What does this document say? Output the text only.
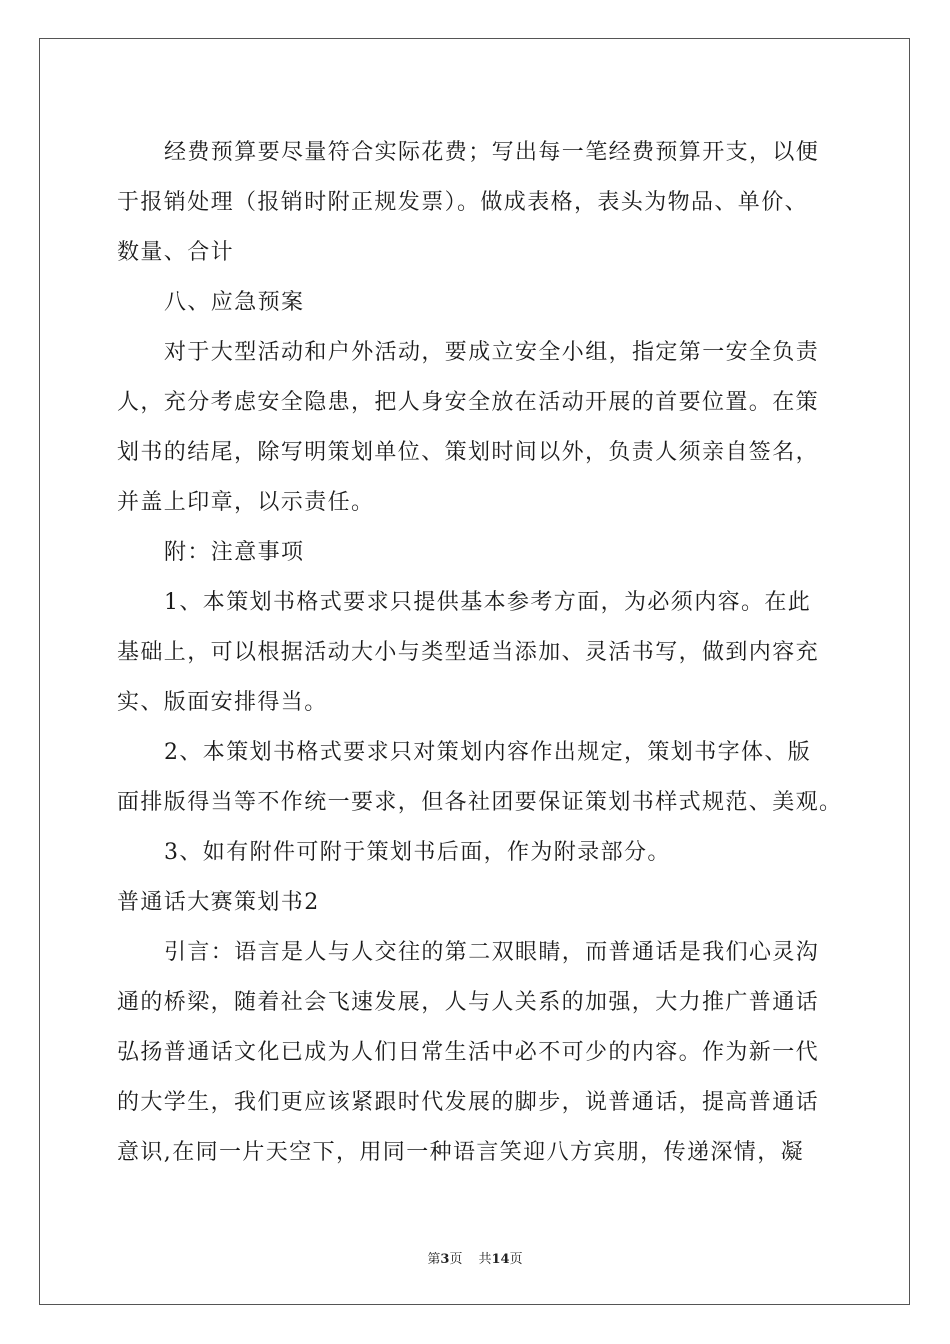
经费预算要尽量符合实际花费；写出每一笔经费预算开支，以便
于报销处理（报销时附正规发票）。做成表格，表头为物品、单价、
数量、合计
八、应急预案
对于大型活动和户外活动，要成立安全小组，指定第一安全负责
人，充分考虑安全隐患，把人身安全放在活动开展的首要位置。在策
划书的结尾，除写明策划单位、策划时间以外，负责人须亲自签名，
并盖上印章，以示责任。
附：注意事项
1、本策划书格式要求只提供基本参考方面，为必须内容。在此
基础上，可以根据活动大小与类型适当添加、灵活书写，做到内容充
实、版面安排得当。
2、本策划书格式要求只对策划内容作出规定，策划书字体、版
面排版得当等不作统一要求，但各社团要保证策划书样式规范、美观。
3、如有附件可附于策划书后面，作为附录部分。
普通话大赛策划书2
引言：语言是人与人交往的第二双眼睛，而普通话是我们心灵沟
通的桥梁，随着社会飞速发展，人与人关系的加强，大力推广普通话
弘扬普通话文化已成为人们日常生活中必不可少的内容。作为新一代
的大学生，我们更应该紧跟时代发展的脚步，说普通话，提高普通话
意识,在同一片天空下，用同一种语言笑迎八方宾朋，传递深情，凝
第3页 共14页
